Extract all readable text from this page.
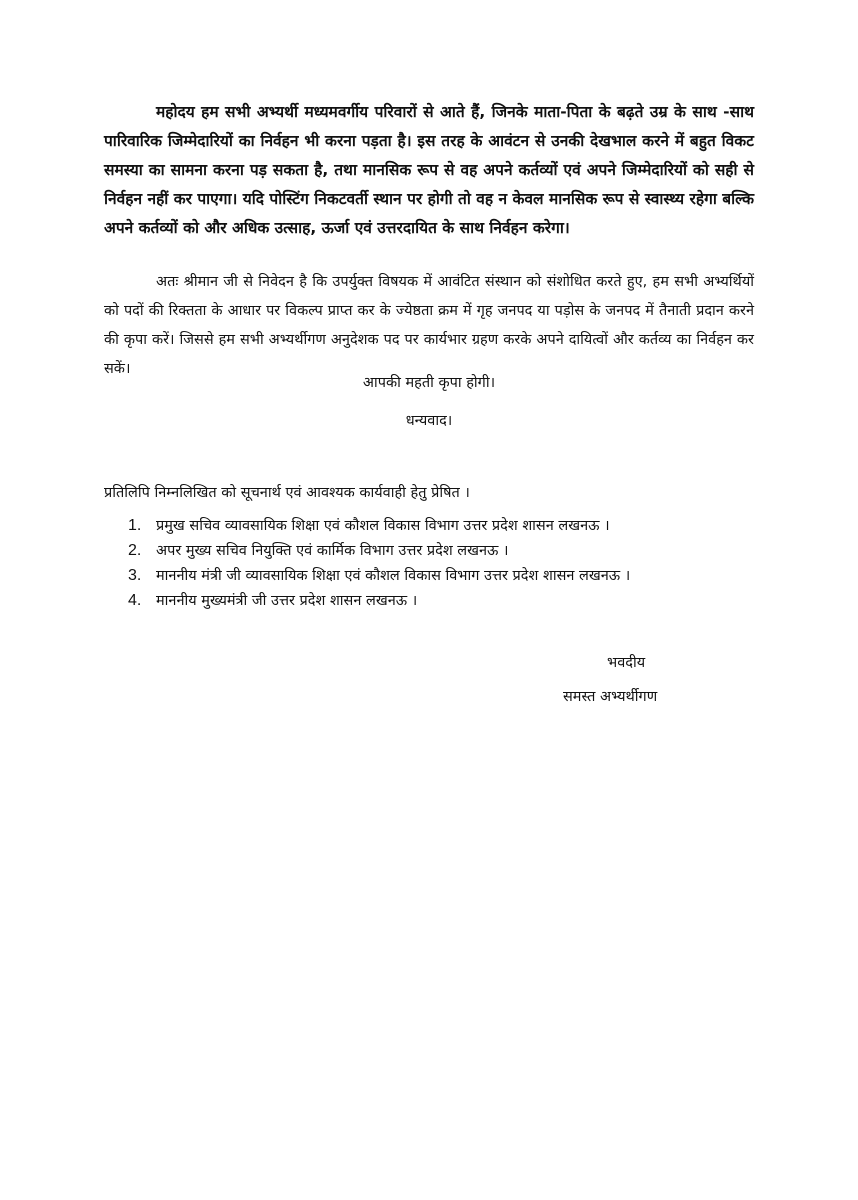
महोदय हम सभी अभ्यर्थी मध्यमवर्गीय परिवारों से आते हैं, जिनके माता-पिता के बढ़ते उम्र के साथ -साथ पारिवारिक जिम्मेदारियों का निर्वहन भी करना पड़ता है। इस तरह के आवंटन से उनकी देखभाल करने में बहुत विकट समस्या का सामना करना पड़ सकता है, तथा मानसिक रूप से वह अपने कर्तव्यों एवं अपने जिम्मेदारियों को सही से निर्वहन नहीं कर पाएगा। यदि पोस्टिंग निकटवर्ती स्थान पर होगी तो वह न केवल मानसिक रूप से स्वास्थ्य रहेगा बल्कि अपने कर्तव्यों को और अधिक उत्साह, ऊर्जा एवं उत्तरदायित के साथ निर्वहन करेगा।

अतः श्रीमान जी से निवेदन है कि उपर्युक्त विषयक में आवंटित संस्थान को संशोधित करते हुए, हम सभी अभ्यर्थियों को पदों की रिक्तता के आधार पर विकल्प प्राप्त कर के ज्येष्ठता क्रम में गृह जनपद या पड़ोस के जनपद में तैनाती प्रदान करने की कृपा करें। जिससे हम सभी अभ्यर्थीगण अनुदेशक पद पर कार्यभार ग्रहण करके अपने दायित्वों और कर्तव्य का निर्वहन कर सकें।

आपकी महती कृपा होगी।

धन्यवाद।

प्रतिलिपि निम्नलिखित को सूचनार्थ एवं आवश्यक कार्यवाही हेतु प्रेषित ।

1. प्रमुख सचिव व्यावसायिक शिक्षा एवं कौशल विकास विभाग उत्तर प्रदेश शासन लखनऊ ।
2. अपर मुख्य सचिव नियुक्ति एवं कार्मिक विभाग उत्तर प्रदेश लखनऊ ।
3. माननीय मंत्री जी व्यावसायिक शिक्षा एवं कौशल विकास विभाग उत्तर प्रदेश शासन लखनऊ ।
4. माननीय मुख्यमंत्री जी उत्तर प्रदेश शासन लखनऊ ।

भवदीय

समस्त अभ्यर्थीगण
